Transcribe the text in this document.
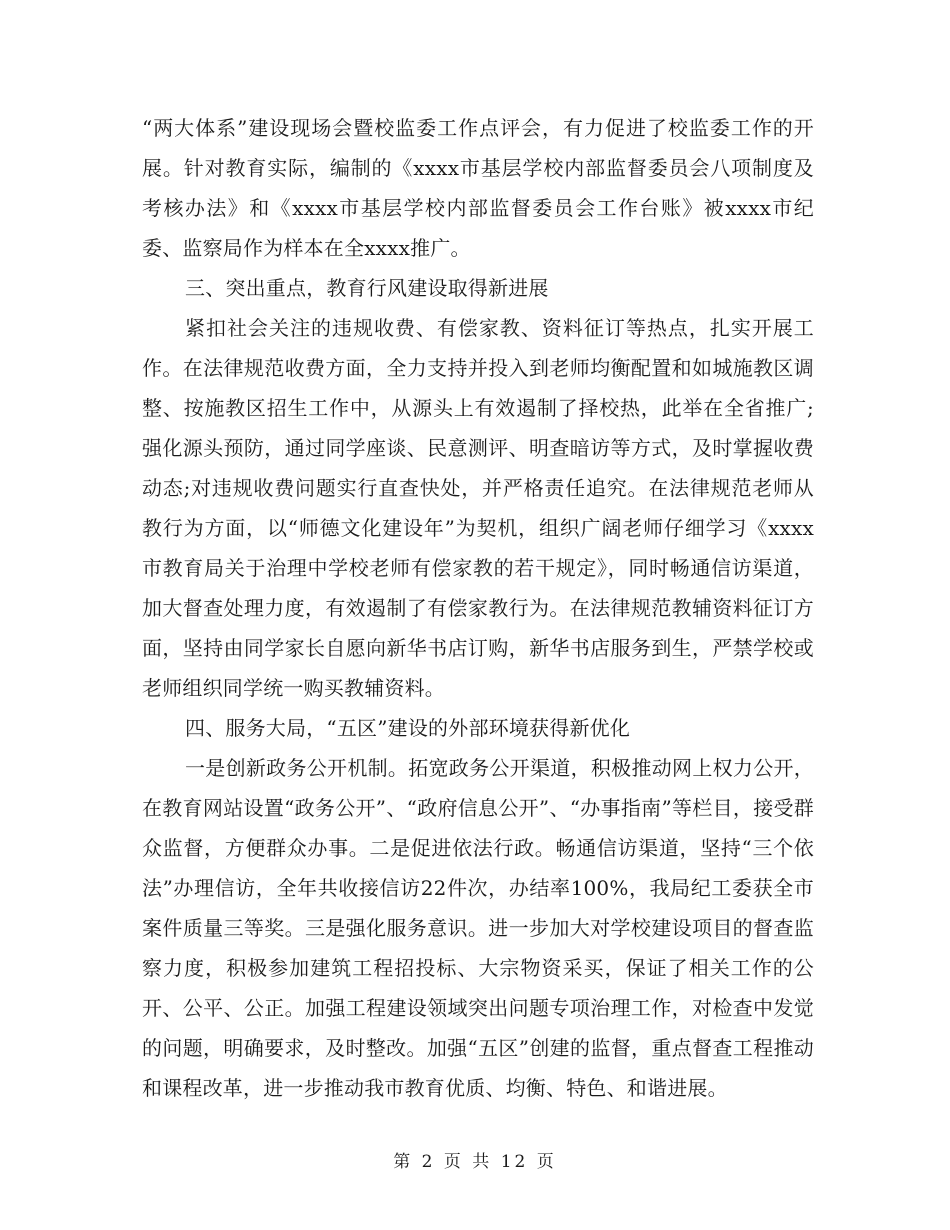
“两大体系”建设现场会暨校监委工作点评会，有力促进了校监委工作的开展。针对教育实际，编制的《xxxx市基层学校内部监督委员会八项制度及考核办法》和《xxxx市基层学校内部监督委员会工作台账》被xxxx市纪委、监察局作为样本在全xxxx推广。

三、突出重点，教育行风建设取得新进展

紧扣社会关注的违规收费、有偿家教、资料征订等热点，扎实开展工作。在法律规范收费方面，全力支持并投入到老师均衡配置和如城施教区调整、按施教区招生工作中，从源头上有效遏制了择校热，此举在全省推广;强化源头预防，通过同学座谈、民意测评、明查暗访等方式，及时掌握收费动态;对违规收费问题实行直查快处，并严格责任追究。在法律规范老师从教行为方面，以“师德文化建设年”为契机，组织广阔老师仔细学习《xxxx市教育局关于治理中学校老师有偿家教的若干规定》，同时畅通信访渠道，加大督查处理力度，有效遏制了有偿家教行为。在法律规范教辅资料征订方面，坚持由同学家长自愿向新华书店订购，新华书店服务到生，严禁学校或老师组织同学统一购买教辅资料。

四、服务大局，“五区”建设的外部环境获得新优化

一是创新政务公开机制。拓宽政务公开渠道，积极推动网上权力公开，在教育网站设置“政务公开”、“政府信息公开”、“办事指南”等栏目，接受群众监督，方便群众办事。二是促进依法行政。畅通信访渠道，坚持“三个依法”办理信访，全年共收接信访22件次，办结率100%，我局纪工委获全市案件质量三等奖。三是强化服务意识。进一步加大对学校建设项目的督查监察力度，积极参加建筑工程招投标、大宗物资采买，保证了相关工作的公开、公平、公正。加强工程建设领域突出问题专项治理工作，对检查中发觉的问题，明确要求，及时整改。加强“五区”创建的监督，重点督查工程推动和课程改革，进一步推动我市教育优质、均衡、特色、和谐进展。

第 2 页 共 12 页
